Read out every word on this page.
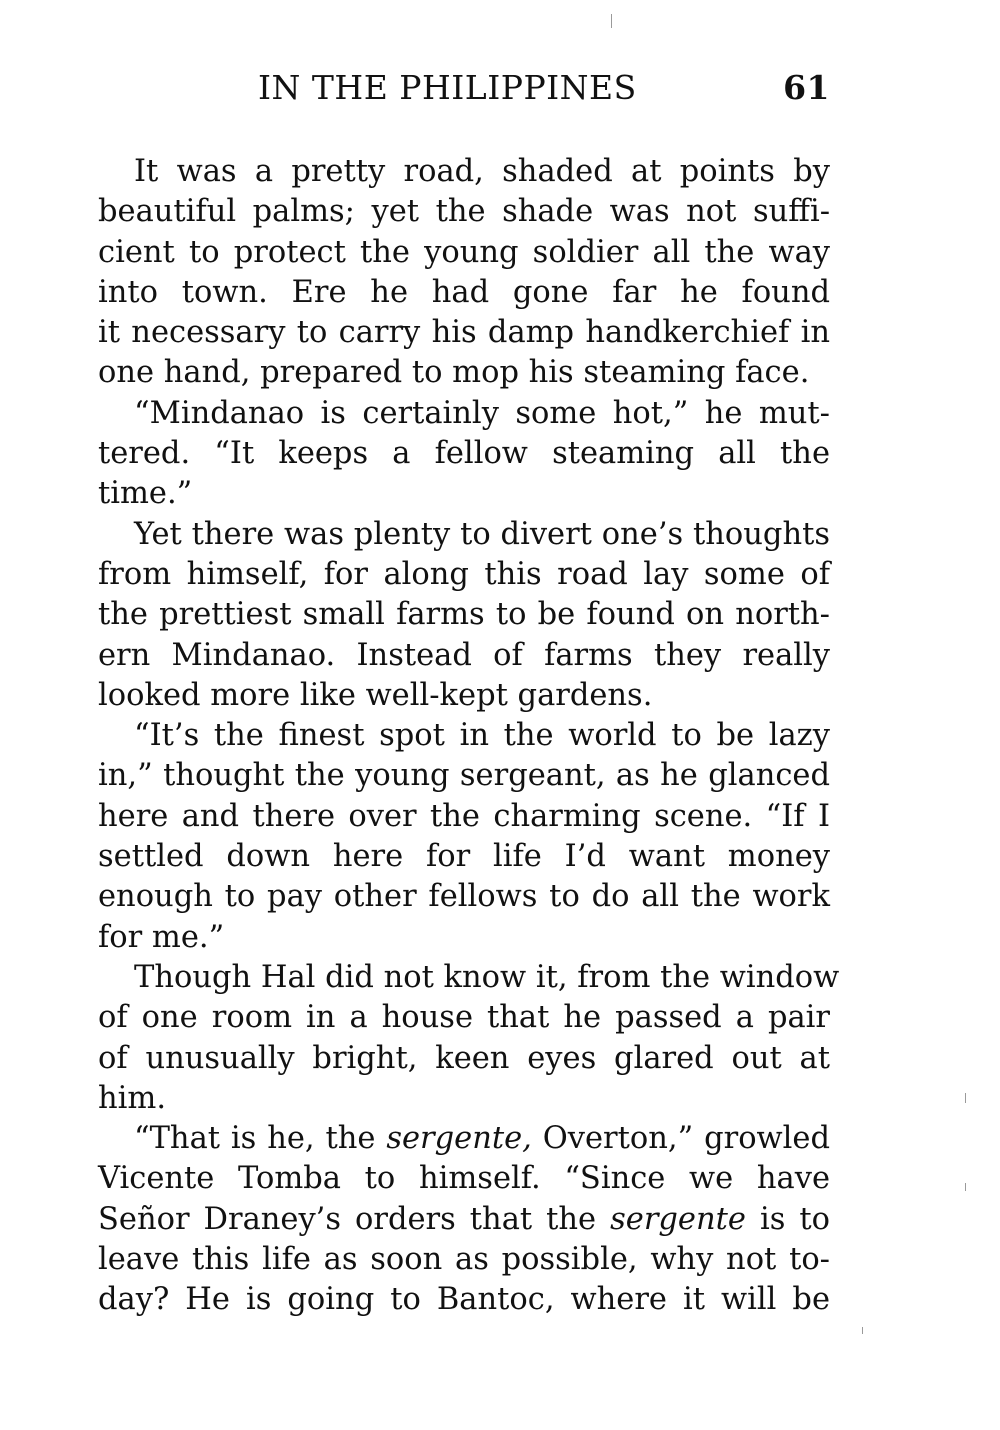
IN THE PHILIPPINES	61

It was a pretty road, shaded at points by
beautiful palms; yet the shade was not suffi-
cient to protect the young soldier all the way
into town. Ere he had gone far he found
it necessary to carry his damp handkerchief in
one hand, prepared to mop his steaming face.

“Mindanao is certainly some hot,” he mut-
tered. “It keeps a fellow steaming all the
time.”

Yet there was plenty to divert one’s thoughts
from himself, for along this road lay some of
the prettiest small farms to be found on north-
ern Mindanao. Instead of farms they really
looked more like well-kept gardens.

“It’s the finest spot in the world to be lazy
in,” thought the young sergeant, as he glanced
here and there over the charming scene. “If I
settled down here for life I’d want money
enough to pay other fellows to do all the work
for me.”

Though Hal did not know it, from the window
of one room in a house that he passed a pair
of unusually bright, keen eyes glared out at
him.

“That is he, the sergente, Overton,” growled
Vicente Tomba to himself. “Since we have
Señor Draney’s orders that the sergente is to
leave this life as soon as possible, why not to-
day? He is going to Bantoc, where it will be
